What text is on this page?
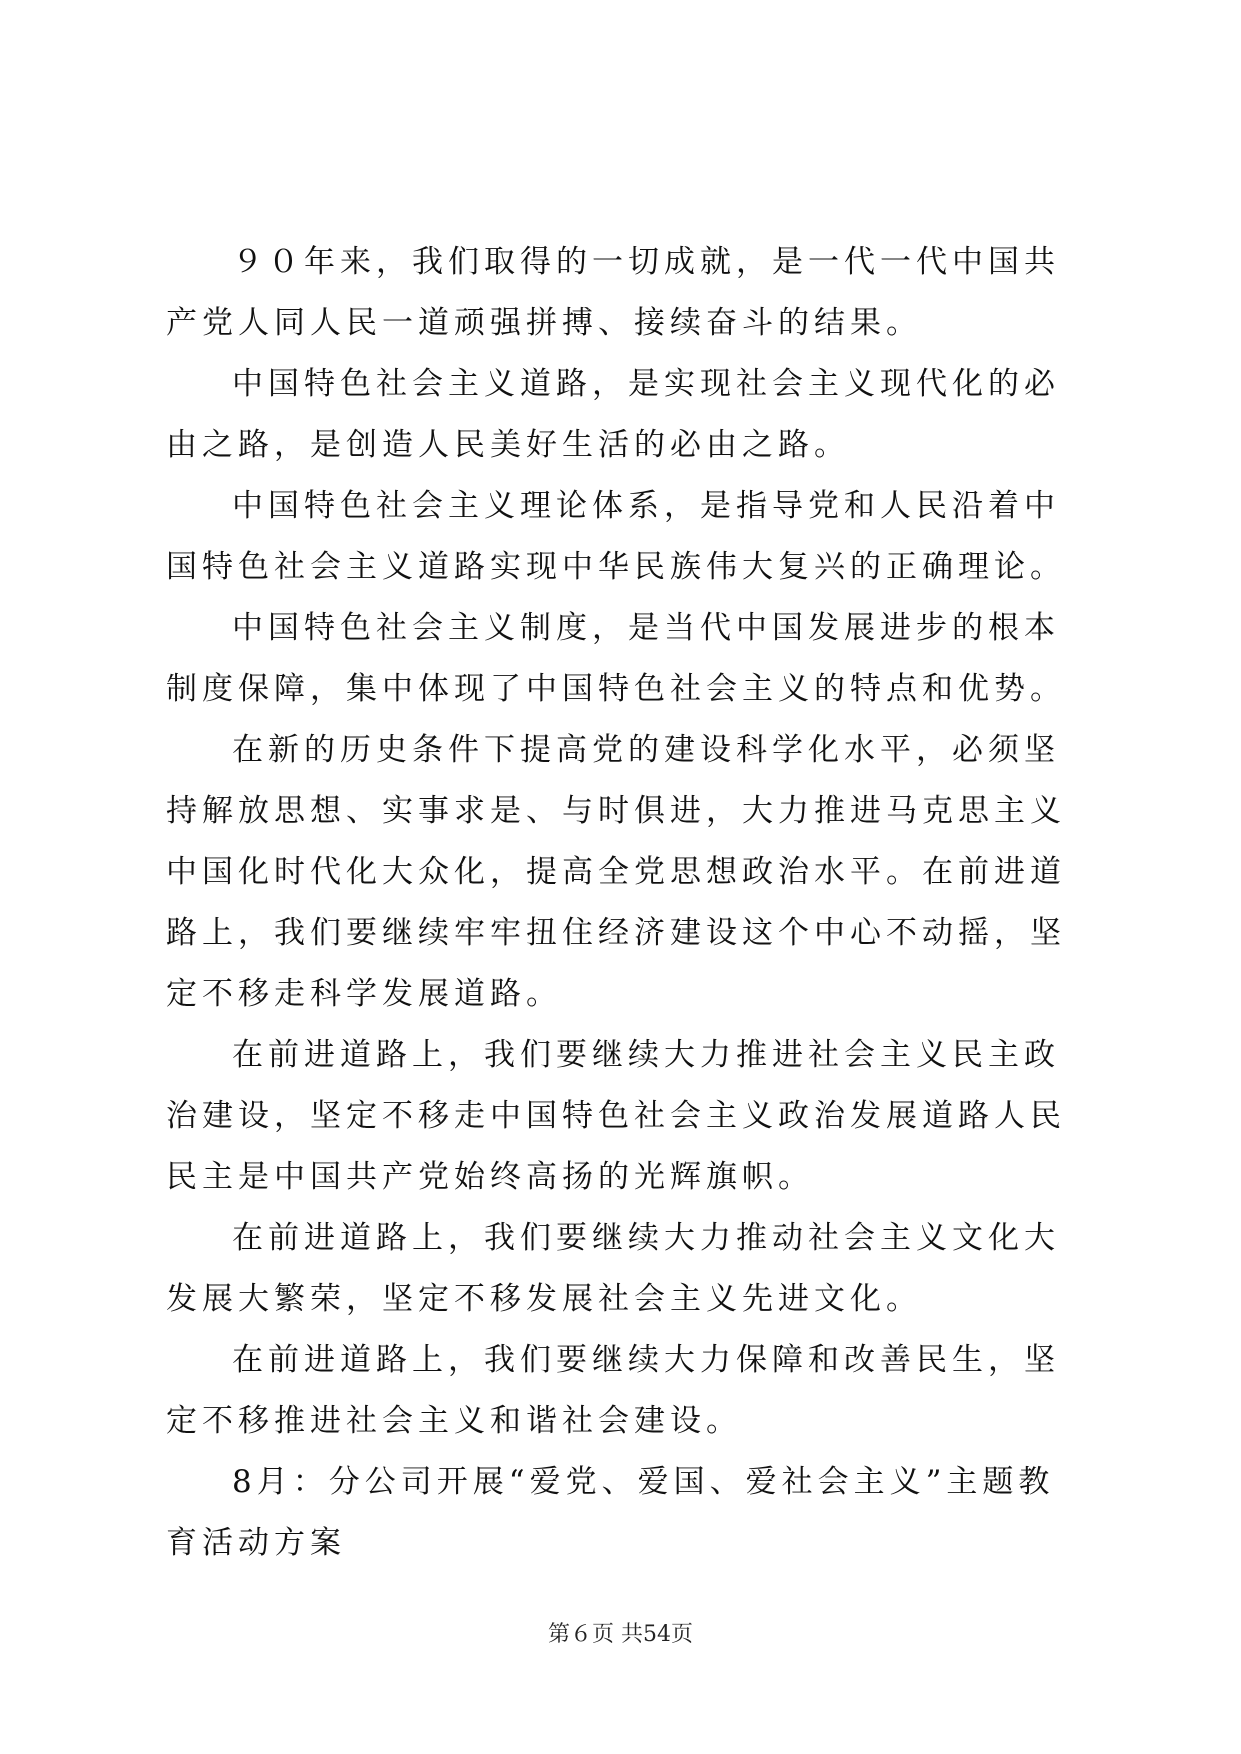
９０年来，我们取得的一切成就，是一代一代中国共产党人同人民一道顽强拼搏、接续奋斗的结果。

中国特色社会主义道路，是实现社会主义现代化的必由之路，是创造人民美好生活的必由之路。

中国特色社会主义理论体系，是指导党和人民沿着中国特色社会主义道路实现中华民族伟大复兴的正确理论。

中国特色社会主义制度，是当代中国发展进步的根本制度保障，集中体现了中国特色社会主义的特点和优势。

在新的历史条件下提高党的建设科学化水平，必须坚持解放思想、实事求是、与时俱进，大力推进马克思主义中国化时代化大众化，提高全党思想政治水平。在前进道路上，我们要继续牢牢扭住经济建设这个中心不动摇，坚定不移走科学发展道路。

在前进道路上，我们要继续大力推进社会主义民主政治建设，坚定不移走中国特色社会主义政治发展道路人民民主是中国共产党始终高扬的光辉旗帜。

在前进道路上，我们要继续大力推动社会主义文化大发展大繁荣，坚定不移发展社会主义先进文化。

在前进道路上，我们要继续大力保障和改善民生，坚定不移推进社会主义和谐社会建设。

8月：分公司开展“爱党、爱国、爱社会主义”主题教育活动方案

第６页 共54页
